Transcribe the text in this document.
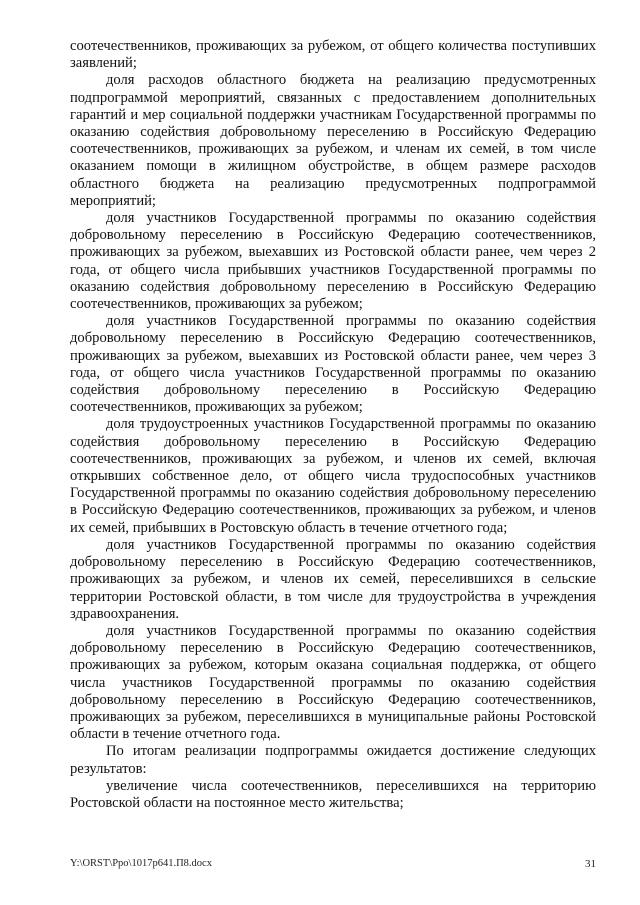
соотечественников, проживающих за рубежом, от общего количества поступивших заявлений;

доля расходов областного бюджета на реализацию предусмотренных подпрограммой мероприятий, связанных с предоставлением дополнительных гарантий и мер социальной поддержки участникам Государственной программы по оказанию содействия добровольному переселению в Российскую Федерацию соотечественников, проживающих за рубежом, и членам их семей, в том числе оказанием помощи в жилищном обустройстве, в общем размере расходов областного бюджета на реализацию предусмотренных подпрограммой мероприятий;

доля участников Государственной программы по оказанию содействия добровольному переселению в Российскую Федерацию соотечественников, проживающих за рубежом, выехавших из Ростовской области ранее, чем через 2 года, от общего числа прибывших участников Государственной программы по оказанию содействия добровольному переселению в Российскую Федерацию соотечественников, проживающих за рубежом;

доля участников Государственной программы по оказанию содействия добровольному переселению в Российскую Федерацию соотечественников, проживающих за рубежом, выехавших из Ростовской области ранее, чем через 3 года, от общего числа участников Государственной программы по оказанию содействия добровольному переселению в Российскую Федерацию соотечественников, проживающих за рубежом;

доля трудоустроенных участников Государственной программы по оказанию содействия добровольному переселению в Российскую Федерацию соотечественников, проживающих за рубежом, и членов их семей, включая открывших собственное дело, от общего числа трудоспособных участников Государственной программы по оказанию содействия добровольному переселению в Российскую Федерацию соотечественников, проживающих за рубежом, и членов их семей, прибывших в Ростовскую область в течение отчетного года;

доля участников Государственной программы по оказанию содействия добровольному переселению в Российскую Федерацию соотечественников, проживающих за рубежом, и членов их семей, переселившихся в сельские территории Ростовской области, в том числе для трудоустройства в учреждения здравоохранения.

доля участников Государственной программы по оказанию содействия добровольному переселению в Российскую Федерацию соотечественников, проживающих за рубежом, которым оказана социальная поддержка, от общего числа участников Государственной программы по оказанию содействия добровольному переселению в Российскую Федерацию соотечественников, проживающих за рубежом, переселившихся в муниципальные районы Ростовской области в течение отчетного года.

По итогам реализации подпрограммы ожидается достижение следующих результатов:

увеличение числа соотечественников, переселившихся на территорию Ростовской области на постоянное место жительства;

Y:\ORST\Ppo\1017p641.П8.docx	31
